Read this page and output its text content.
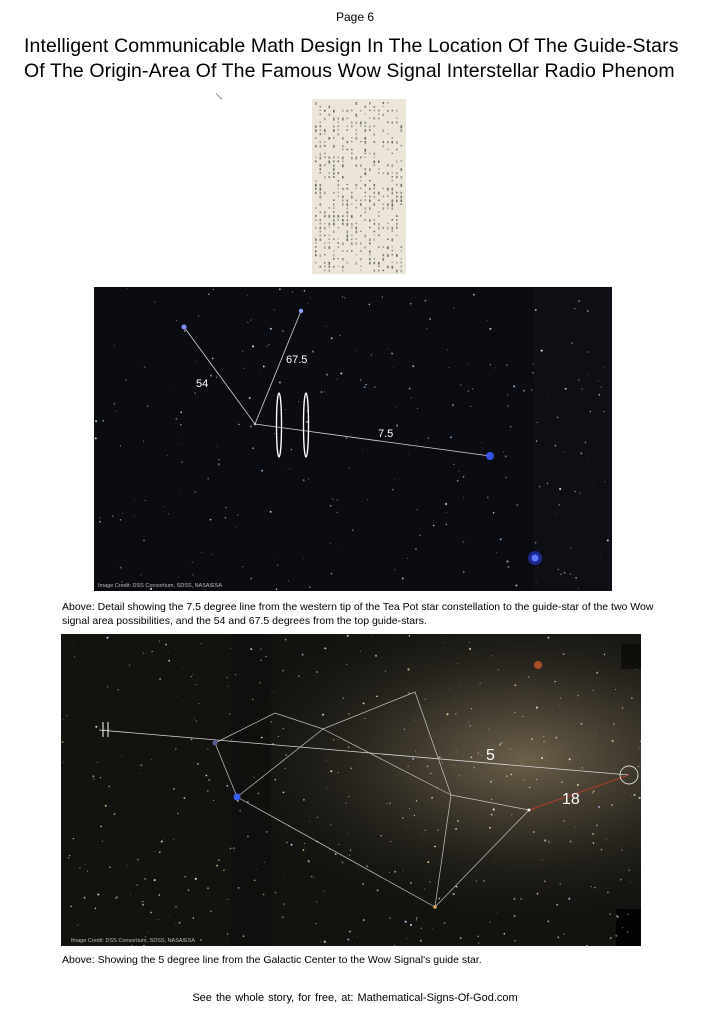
Page 6
Intelligent Communicable Math Design In The Location Of The Guide-Stars
Of The Origin-Area Of The Famous Wow Signal Interstellar Radio Phenom
54 °
67.5 °
7.5 °
Image Credit: DSS Consortium, SDSS, NASA/ESA
Above: Detail showing the 7.5 degree line from the western tip of the Tea Pot star constellation to the guide-star of the two Wow signal area possibilities, and the 54 and 67.5 degrees from the top guide-stars.
5 °
18
Image Credit: DSS Consortium, SDSS, NASA/ESA
Above: Showing the 5 degree line from the Galactic Center to the Wow Signal's guide star.
See the whole story, for free, at: Mathematical-Signs-Of-God.com
